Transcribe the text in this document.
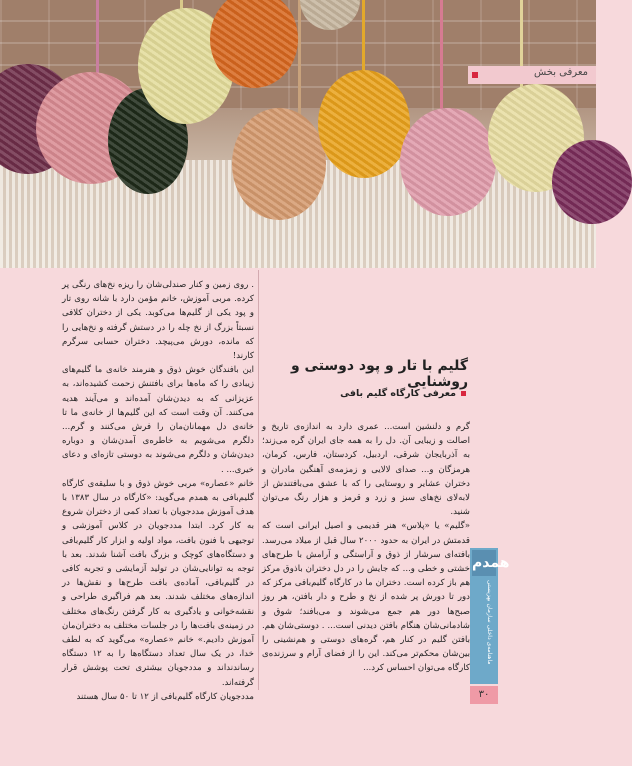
معرفی بخش

. روی زمین و کنار صندلی‌شان را ریزه نخ‌های رنگی پر کرده. مربی آموزش، خانم مؤمن دارد با شانه روی تار و پود یکی از گلیم‌ها می‌کوبد. یکی از دختران کلافی نسبتاً بزرگ از نخ چله را در دستش گرفته و نخ‌هایی را که مانده، دورش می‌پیچد. دختران حسابی سرگرم کارند!

این بافندگان خوش ذوق و هنرمند خانه‌ی ما گلیم‌های زیبادی را که ماه‌ها برای بافتنش زحمت کشیده‌اند، به عزیزانی که به دیدن‌شان آمده‌اند و می‌آیند هدیه می‌کنند. آن وقت است که این گلیم‌ها از خانه‌ی ما تا خانه‌ی دل مهمانان‌مان را فرش می‌کنند و گرم... دلگرم می‌شویم به خاطره‌ی آمدن‌شان و دوباره دیدن‌شان و دلگرم می‌شوند به دوستی تازه‌ای و دعای خیری... .

خانم «عصاره» مربی خوش ذوق و با سلیقه‌ی کارگاه گلیم‌بافی به همدم می‌گوید: «کارگاه در سال ۱۳۸۳ با هدف آموزش مددجویان با تعداد کمی از دختران شروع به کار کرد. ابتدا مددجویان در کلاس آموزشی و توجیهی با فنون بافت، مواد اولیه و ابزار کار گلیم‌بافی و دستگاه‌های کوچک و بزرگ بافت آشنا شدند. بعد با توجه به توانایی‌شان در تولید آزمایشی و تجربه کافی در گلیم‌بافی، آماده‌ی بافت طرح‌ها و نقش‌ها در اندازه‌های مختلف شدند. بعد هم فراگیری طراحی و نقشه‌خوانی و یادگیری به کار گرفتن رنگ‌های مختلف در زمینه‌ی بافت‌ها را در جلسات مختلف به دختران‌مان آموزش دادیم.» خانم «عصاره» می‌گوید که به لطف خدا، در یک سال تعداد دستگاه‌ها را به ۱۲ دستگاه رساندند‌اند و مددجویان بیشتری تحت پوشش قرار گرفته‌اند.

مددجویان کارگاه گلیم‌بافی از ۱۲ تا ۵۰ سال هستند

گلیم با تار و پود دوستی و روشنایی
معرفی کارگاه گلیم بافی

گرم و دلنشین است... عمری دارد به اندازه‌ی تاریخ و اصالت و زیبایی آن. دل را به همه جای ایران گره می‌زند؛ به آذربایجان شرقی، اردبیل، کردستان، فارس، کرمان، هرمزگان و... صدای لالایی و زمزمه‌ی آهنگین مادران و دختران عشایر و روستایی را که با عشق می‌بافتندش از لابه‌لای نخ‌های سبز و زرد و قرمز و هزار رنگ می‌توان شنید.

«گلیم» یا «پلاس» هنر قدیمی و اصیل ایرانی است که قدمتش در ایران به حدود ۲۰۰۰ سال قبل از میلاد می‌رسد. بافته‌ای سرشار از ذوق و آراستگی و آرامش با طرح‌های خشتی و خطی و... که جایش را در دل دختران باذوق مرکز هم باز کرده است. دختران ما در کارگاه گلیم‌بافی مرکز که دور تا دورش پر شده از نخ و طرح و دار بافتن، هر روز صبح‌ها دور هم جمع می‌شوند و می‌بافند؛ شوق و شادمانی‌شان هنگام بافتن دیدنی است... . دوستی‌شان هم. بافتن گلیم در کنار هم، گره‌های دوستی و هم‌نشینی را بین‌شان محکم‌تر می‌کند. این را از فضای آرام و سرزنده‌ی کارگاه می‌توان احساس کرد...

همدم
ماهنامه‌ی داخلی سازمان بهزیستی
۳۰
